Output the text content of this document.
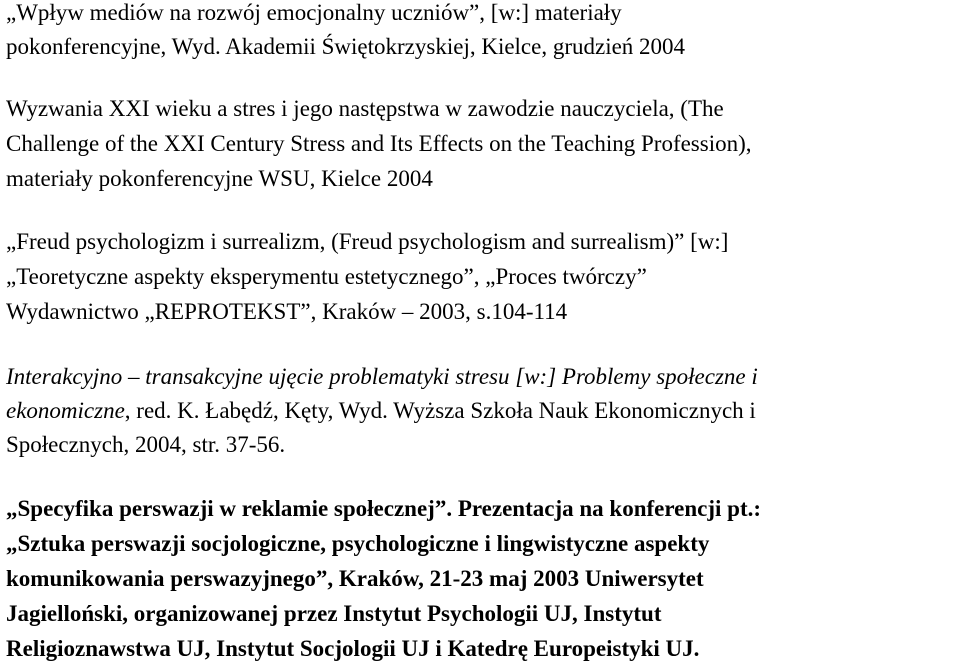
„Wpływ mediów na rozwój emocjonalny uczniów”, [w:] materiały
pokonferencyjne, Wyd. Akademii Świętokrzyskiej, Kielce, grudzień 2004
Wyzwania XXI wieku a stres i jego następstwa w zawodzie nauczyciela, (The
Challenge of the XXI Century Stress and Its Effects on the Teaching Profession),
materiały pokonferencyjne WSU, Kielce 2004
„Freud psychologizm i surrealizm, (Freud psychologism and surrealism)” [w:]
„Teoretyczne aspekty eksperymentu estetycznego”, „Proces twórczy”
Wydawnictwo „REPROTEKST”, Kraków – 2003, s.104-114
Interakcyjno – transakcyjne ujęcie problematyki stresu [w:] Problemy społeczne i
ekonomiczne, red. K. Łabędź, Kęty, Wyd. Wyższa Szkoła Nauk Ekonomicznych i
Społecznych, 2004, str. 37-56.
„Specyfika perswazji w reklamie społecznej”. Prezentacja na konferencji pt.:
„Sztuka perswazji socjologiczne, psychologiczne i lingwistyczne aspekty
komunikowania perswazyjnego”, Kraków, 21-23 maj 2003 Uniwersytet
Jagielloński, organizowanej przez Instytut Psychologii UJ, Instytut
Religioznawstwa UJ, Instytut Socjologii UJ i Katedrę Europeistyki UJ.
